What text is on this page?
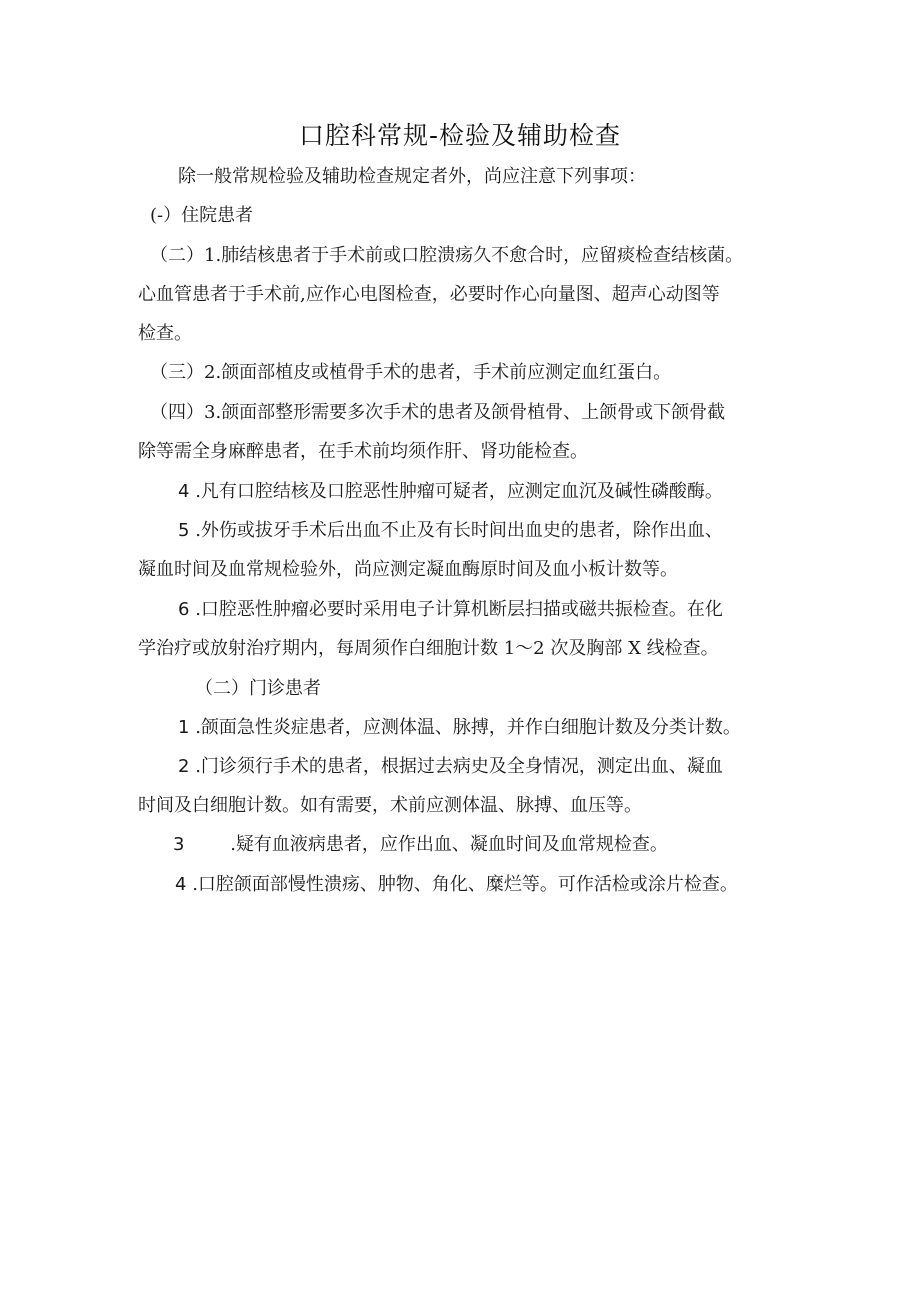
口腔科常规-检验及辅助检查
除一般常规检验及辅助检查规定者外，尚应注意下列事项：
(-）住院患者
（二）1.肺结核患者于手术前或口腔溃疡久不愈合时，应留痰检查结核菌。
心血管患者于手术前,应作心电图检查，必要时作心向量图、超声心动图等
检查。
（三）2.颌面部植皮或植骨手术的患者，手术前应测定血红蛋白。
（四）3.颌面部整形需要多次手术的患者及颌骨植骨、上颌骨或下颌骨截
除等需全身麻醉患者，在手术前均须作肝、肾功能检查。
4 .凡有口腔结核及口腔恶性肿瘤可疑者，应测定血沉及碱性磷酸酶。
5 .外伤或拔牙手术后出血不止及有长时间出血史的患者，除作出血、
凝血时间及血常规检验外，尚应测定凝血酶原时间及血小板计数等。
6 .口腔恶性肿瘤必要时采用电子计算机断层扫描或磁共振检查。在化
学治疗或放射治疗期内，每周须作白细胞计数 1～2 次及胸部 X 线检查。
（二）门诊患者
1 .颌面急性炎症患者，应测体温、脉搏，并作白细胞计数及分类计数。
2 .门诊须行手术的患者，根据过去病史及全身情况，测定出血、凝血
时间及白细胞计数。如有需要，术前应测体温、脉搏、血压等。
3	.疑有血液病患者，应作出血、凝血时间及血常规检查。
4 .口腔颌面部慢性溃疡、肿物、角化、糜烂等。可作活检或涂片检查。
